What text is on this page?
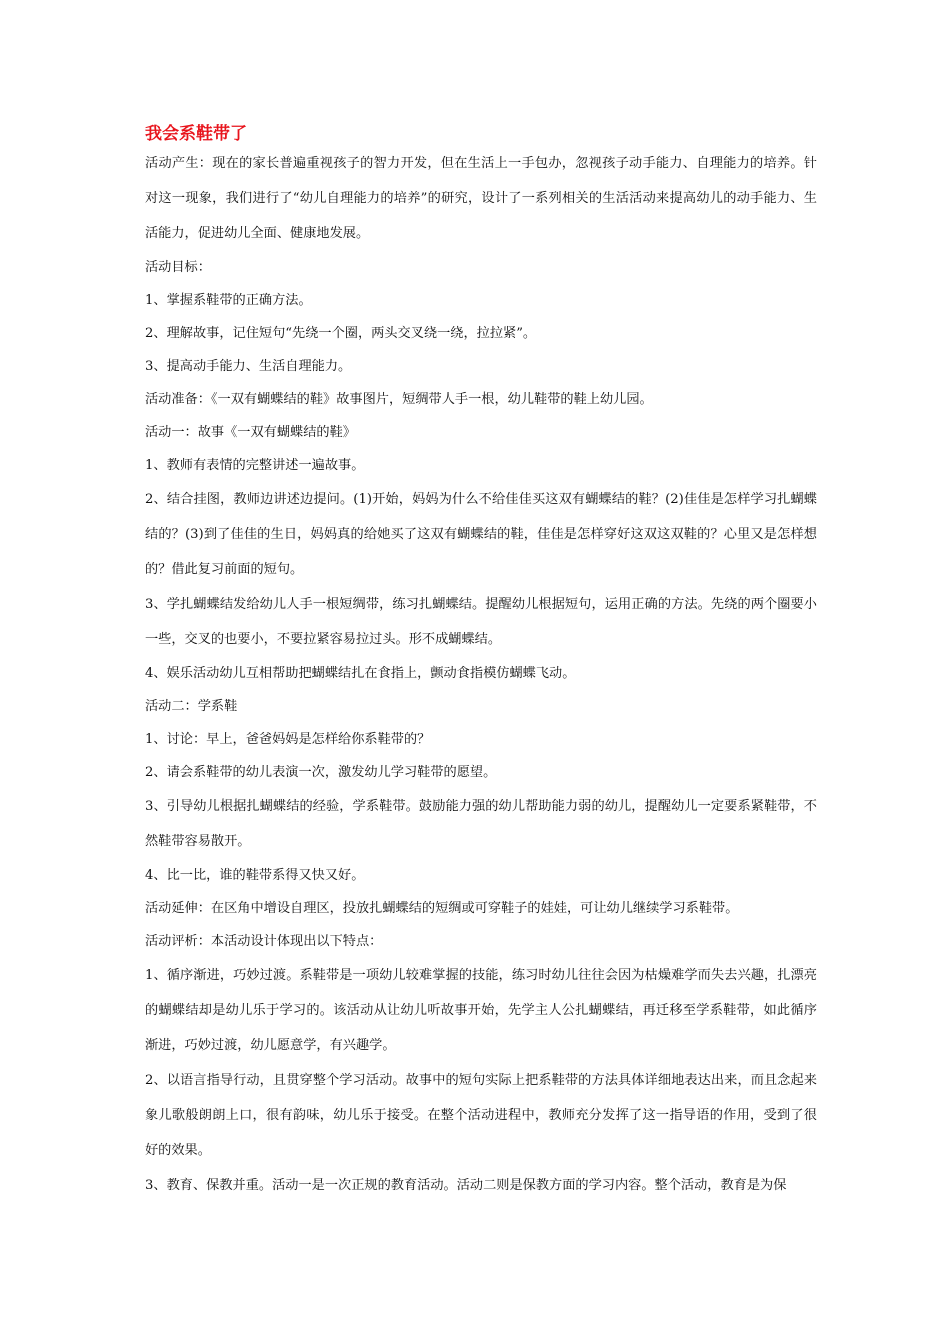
我会系鞋带了

活动产生：现在的家长普遍重视孩子的智力开发，但在生活上一手包办，忽视孩子动手能力、自理能力的培养。针对这一现象，我们进行了“幼儿自理能力的培养”的研究，设计了一系列相关的生活活动来提高幼儿的动手能力、生活能力，促进幼儿全面、健康地发展。

活动目标：

1、掌握系鞋带的正确方法。

2、理解故事，记住短句“先绕一个圈，两头交叉绕一绕，拉拉紧”。

3、提高动手能力、生活自理能力。

活动准备：《一双有蝴蝶结的鞋》故事图片，短绸带人手一根，幼儿鞋带的鞋上幼儿园。

活动一：故事《一双有蝴蝶结的鞋》

1、教师有表情的完整讲述一遍故事。

2、结合挂图，教师边讲述边提问。(1)开始，妈妈为什么不给佳佳买这双有蝴蝶结的鞋？(2)佳佳是怎样学习扎蝴蝶结的？(3)到了佳佳的生日，妈妈真的给她买了这双有蝴蝶结的鞋，佳佳是怎样穿好这双这双鞋的？心里又是怎样想的？借此复习前面的短句。

3、学扎蝴蝶结发给幼儿人手一根短绸带，练习扎蝴蝶结。提醒幼儿根据短句，运用正确的方法。先绕的两个圈要小一些，交叉的也要小，不要拉紧容易拉过头。形不成蝴蝶结。

4、娱乐活动幼儿互相帮助把蝴蝶结扎在食指上，颤动食指模仿蝴蝶飞动。

活动二：学系鞋

1、讨论：早上，爸爸妈妈是怎样给你系鞋带的？

2、请会系鞋带的幼儿表演一次，激发幼儿学习鞋带的愿望。

3、引导幼儿根据扎蝴蝶结的经验，学系鞋带。鼓励能力强的幼儿帮助能力弱的幼儿，提醒幼儿一定要系紧鞋带，不然鞋带容易散开。

4、比一比，谁的鞋带系得又快又好。

活动延伸：在区角中增设自理区，投放扎蝴蝶结的短绸或可穿鞋子的娃娃，可让幼儿继续学习系鞋带。

活动评析：本活动设计体现出以下特点：

1、循序渐进，巧妙过渡。系鞋带是一项幼儿较难掌握的技能，练习时幼儿往往会因为枯燥难学而失去兴趣，扎漂亮的蝴蝶结却是幼儿乐于学习的。该活动从让幼儿听故事开始，先学主人公扎蝴蝶结，再迁移至学系鞋带，如此循序渐进，巧妙过渡，幼儿愿意学，有兴趣学。

2、以语言指导行动，且贯穿整个学习活动。故事中的短句实际上把系鞋带的方法具体详细地表达出来，而且念起来象儿歌般朗朗上口，很有韵味，幼儿乐于接受。在整个活动进程中，教师充分发挥了这一指导语的作用，受到了很好的效果。

3、教育、保教并重。活动一是一次正规的教育活动。活动二则是保教方面的学习内容。整个活动，教育是为保
